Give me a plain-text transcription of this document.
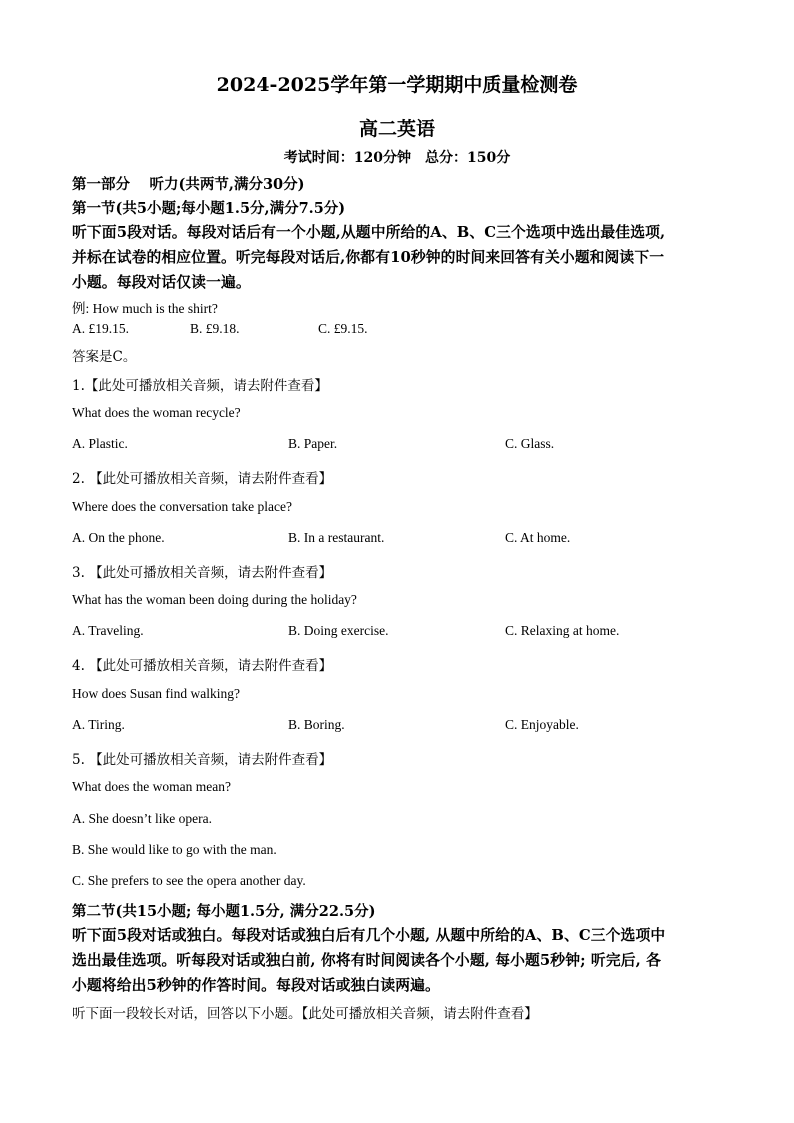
2024-2025学年第一学期期中质量检测卷
高二英语
考试时间：120分钟　总分：150分
第一部分　 听力(共两节,满分30分)
第一节(共5小题;每小题1.5分,满分7.5分)
听下面5段对话。每段对话后有一个小题,从题中所给的A、B、C三个选项中选出最佳选项,
并标在试卷的相应位置。听完每段对话后,你都有10秒钟的时间来回答有关小题和阅读下一
小题。每段对话仅读一遍。
例: How much is the shirt?
A. £19.15.	B. £9.18.	C. £9.15.
答案是C。
1.【此处可播放相关音频，请去附件查看】
What does the woman recycle?
A. Plastic.	B. Paper.	C. Glass.
2. 【此处可播放相关音频，请去附件查看】
Where does the conversation take place?
A. On the phone.	B. In a restaurant.	C. At home.
3. 【此处可播放相关音频，请去附件查看】
What has the woman been doing during the holiday?
A. Traveling.	B. Doing exercise.	C. Relaxing at home.
4. 【此处可播放相关音频，请去附件查看】
How does Susan find walking?
A. Tiring.	B. Boring.	C. Enjoyable.
5. 【此处可播放相关音频，请去附件查看】
What does the woman mean?
A. She doesn’t like opera.
B. She would like to go with the man.
C. She prefers to see the opera another day.
第二节(共15小题; 每小题1.5分, 满分22.5分)
听下面5段对话或独白。每段对话或独白后有几个小题, 从题中所给的A、B、C三个选项中
选出最佳选项。听每段对话或独白前, 你将有时间阅读各个小题, 每小题5秒钟; 听完后, 各
小题将给出5秒钟的作答时间。每段对话或独白读两遍。
听下面一段较长对话，回答以下小题。【此处可播放相关音频，请去附件查看】
